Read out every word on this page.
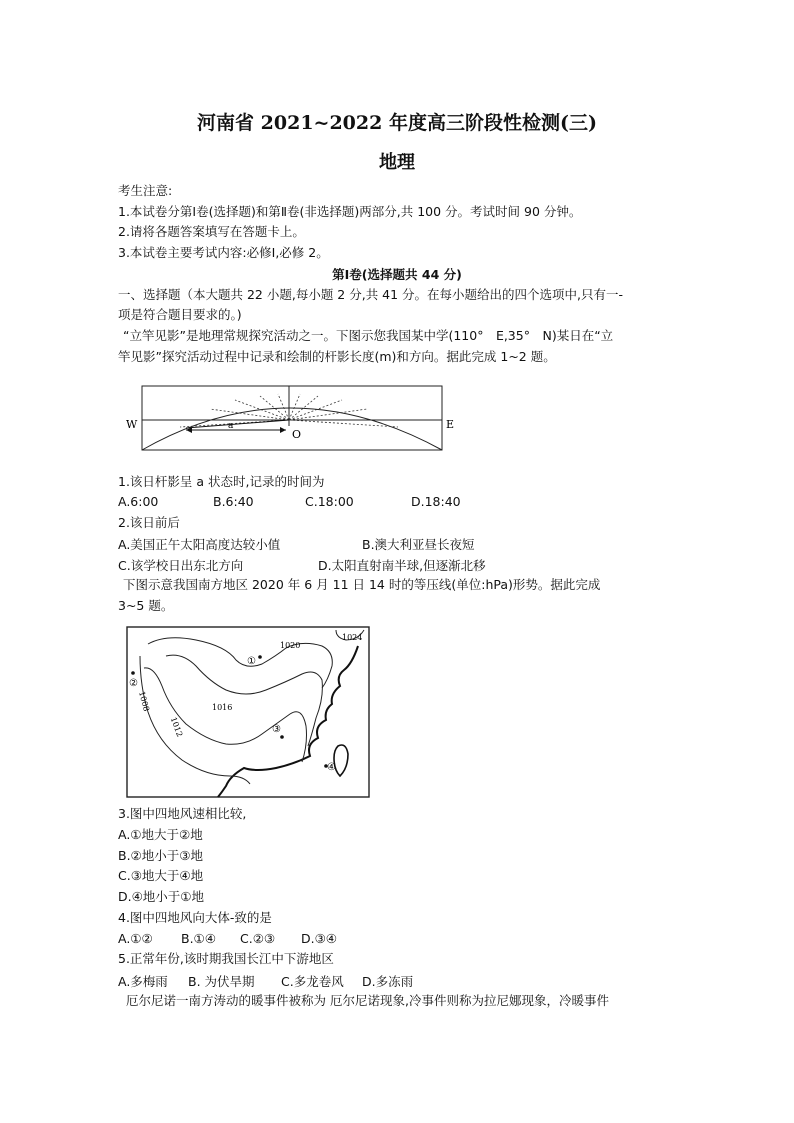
河南省 2021~2022 年度高三阶段性检测(三)
地理
考生注意:
1.本试卷分第Ⅰ卷(选择题)和第Ⅱ卷(非选择题)两部分,共 100 分。考试时间 90 分钟。
2.请将各题答案填写在答题卡上。
3.本试卷主要考试内容:必修Ⅰ,必修 2。
第Ⅰ卷(选择题共 44 分)
一、选择题（本大题共 22 小题,每小题 2 分,共 41 分。在每小题给出的四个选项中,只有一-
项是符合题目要求的。)
“立竿见影”是地理常规探究活动之一。下图示您我国某中学(110°　E,35°　N)某日在“立
竿见影”探究活动过程中记录和绘制的杆影长度(m)和方向。据此完成 1~2 题。
a
W	E
O
1.该日杆影呈 a 状态时,记录的时间为
A.6:00	B.6:40	C.18:00	D.18:40
2.该日前后
A.美国正午太阳高度达较小值	B.澳大利亚昼长夜短
C.该学校日出东北方向	D.太阳直射南半球,但逐渐北移
下图示意我国南方地区 2020 年 6 月 11 日 14 时的等压线(单位:hPa)形势。据此完成
3~5 题。
1024
1020
1016
1012
1008
①
②
③
④
3.图中四地风速相比较,
A.①地大于②地
B.②地小于③地
C.③地大于④地
D.④地小于①地
4.图中四地风向大体-致的是
A.①② B.①④ C.②③ D.③④
5.正常年份,该时期我国长江中下游地区
A.多梅雨 B. 为伏旱期 C.多龙卷风 D.多冻雨
厄尔尼诺一南方涛动的暖事件被称为 厄尔尼诺现象,冷事件则称为拉尼娜现象，冷暖事件
